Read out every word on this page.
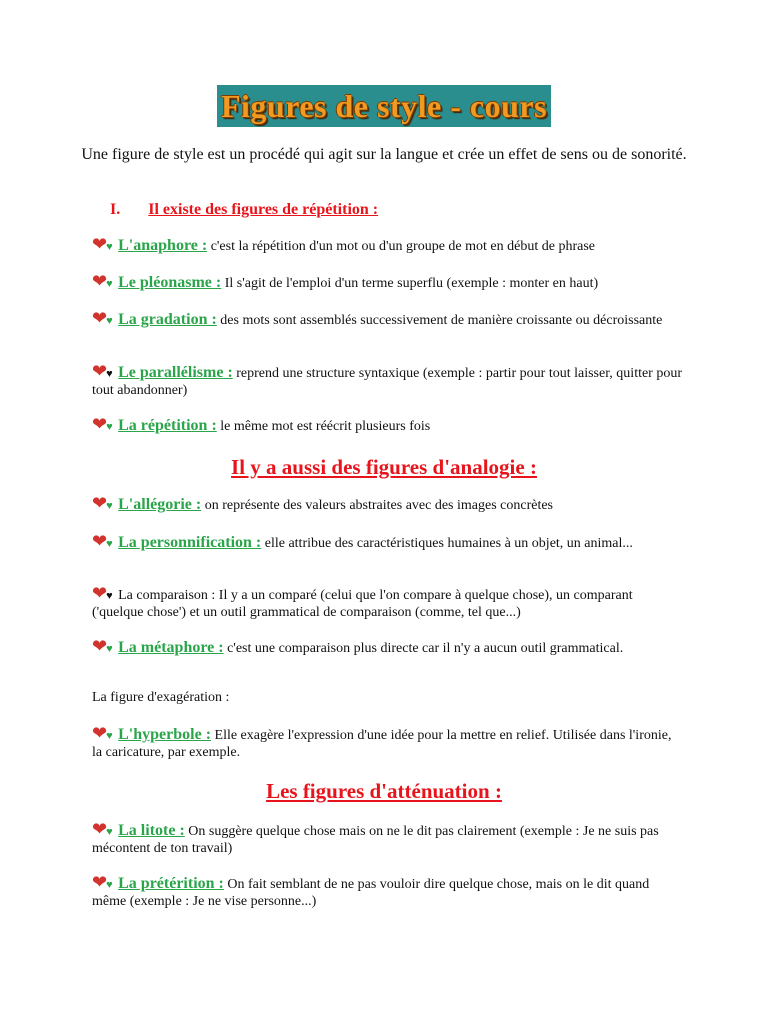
Figures de style - cours
Une figure de style est un procédé qui agit sur la langue et crée un effet de sens ou de sonorité.
I. Il existe des figures de répétition :
❤♥ L'anaphore : c'est la répétition d'un mot ou d'un groupe de mot en début de phrase
❤♥ Le pléonasme : Il s'agit de l'emploi d'un terme superflu (exemple : monter en haut)
❤♥ La gradation : des mots sont assemblés successivement de manière croissante ou décroissante
❤♥ Le parallélisme : reprend une structure syntaxique (exemple : partir pour tout laisser, quitter pour tout abandonner)
❤♥ La répétition : le même mot est réécrit plusieurs fois
Il y a aussi des figures d'analogie :
❤♥ L'allégorie : on représente des valeurs abstraites avec des images concrètes
❤♥ La personnification : elle attribue des caractéristiques humaines à un objet, un animal...
❤♥ La comparaison : Il y a un comparé (celui que l'on compare à quelque chose), un comparant ('quelque chose') et un outil grammatical de comparaison (comme, tel que...)
❤♥ La métaphore : c'est une comparaison plus directe car il n'y a aucun outil grammatical.
La figure d'exagération :
❤♥ L'hyperbole : Elle exagère l'expression d'une idée pour la mettre en relief. Utilisée dans l'ironie, la caricature, par exemple.
Les figures d'atténuation :
❤♥ La litote : On suggère quelque chose mais on ne le dit pas clairement (exemple : Je ne suis pas mécontent de ton travail)
❤♥ La prétérition : On fait semblant de ne pas vouloir dire quelque chose, mais on le dit quand même (exemple : Je ne vise personne...)
